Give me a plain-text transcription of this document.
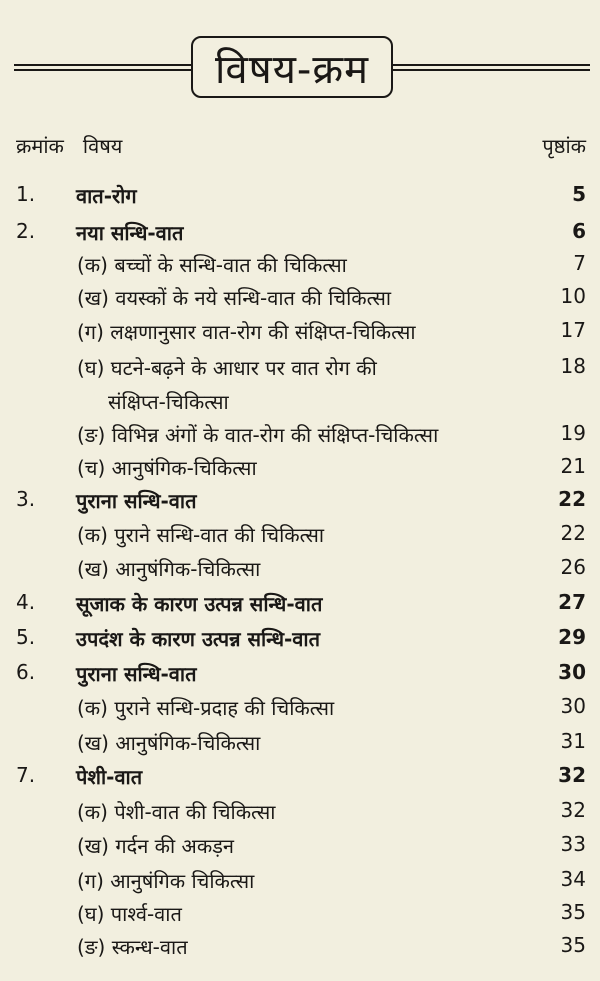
विषय-क्रम
क्रमांक   विषय	पृष्ठांक
1. वात-रोग	5
2. नया सन्धि-वात	6
(क) बच्चों के सन्धि-वात की चिकित्सा	7
(ख) वयस्कों के नये सन्धि-वात की चिकित्सा	10
(ग) लक्षणानुसार वात-रोग की संक्षिप्त-चिकित्सा	17
(घ) घटने-बढ़ने के आधार पर वात रोग की	18
संक्षिप्त-चिकित्सा
(ङ) विभिन्न अंगों के वात-रोग की संक्षिप्त-चिकित्सा	19
(च) आनुषंगिक-चिकित्सा	21
3. पुराना सन्धि-वात	22
(क) पुराने सन्धि-वात की चिकित्सा	22
(ख) आनुषंगिक-चिकित्सा	26
4. सूजाक के कारण उत्पन्न सन्धि-वात	27
5. उपदंश के कारण उत्पन्न सन्धि-वात	29
6. पुराना सन्धि-वात	30
(क) पुराने सन्धि-प्रदाह की चिकित्सा	30
(ख) आनुषंगिक-चिकित्सा	31
7. पेशी-वात	32
(क) पेशी-वात की चिकित्सा	32
(ख) गर्दन की अकड़न	33
(ग) आनुषंगिक चिकित्सा	34
(घ) पार्श्व-वात	35
(ङ) स्कन्ध-वात	35
